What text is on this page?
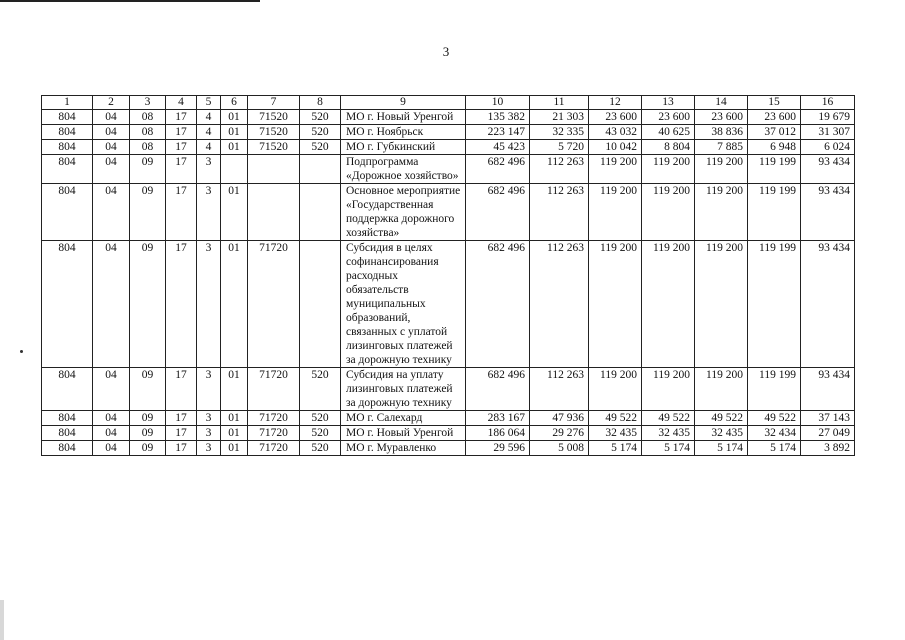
3
1	2	3	4	5	6	7	8	9	10	11	12	13	14	15	16
804	04	08	17	4	01	71520	520	МО г. Новый Уренгой	135 382	21 303	23 600	23 600	23 600	23 600	19 679
804	04	08	17	4	01	71520	520	МО г. Ноябрьск	223 147	32 335	43 032	40 625	38 836	37 012	31 307
804	04	08	17	4	01	71520	520	МО г. Губкинский	45 423	5 720	10 042	8 804	7 885	6 948	6 024
804	04	09	17	3				Подпрограмма «Дорожное хозяйство»	682 496	112 263	119 200	119 200	119 200	119 199	93 434
804	04	09	17	3	01			Основное мероприятие «Государственная поддержка дорожного хозяйства»	682 496	112 263	119 200	119 200	119 200	119 199	93 434
804	04	09	17	3	01	71720		Субсидия в целях софинансирования расходных обязательств муниципальных образований, связанных с уплатой лизинговых платежей за дорожную технику	682 496	112 263	119 200	119 200	119 200	119 199	93 434
804	04	09	17	3	01	71720	520	Субсидия на уплату лизинговых платежей за дорожную технику	682 496	112 263	119 200	119 200	119 200	119 199	93 434
804	04	09	17	3	01	71720	520	МО г. Салехард	283 167	47 936	49 522	49 522	49 522	49 522	37 143
804	04	09	17	3	01	71720	520	МО г. Новый Уренгой	186 064	29 276	32 435	32 435	32 435	32 434	27 049
804	04	09	17	3	01	71720	520	МО г. Муравленко	29 596	5 008	5 174	5 174	5 174	5 174	3 892
